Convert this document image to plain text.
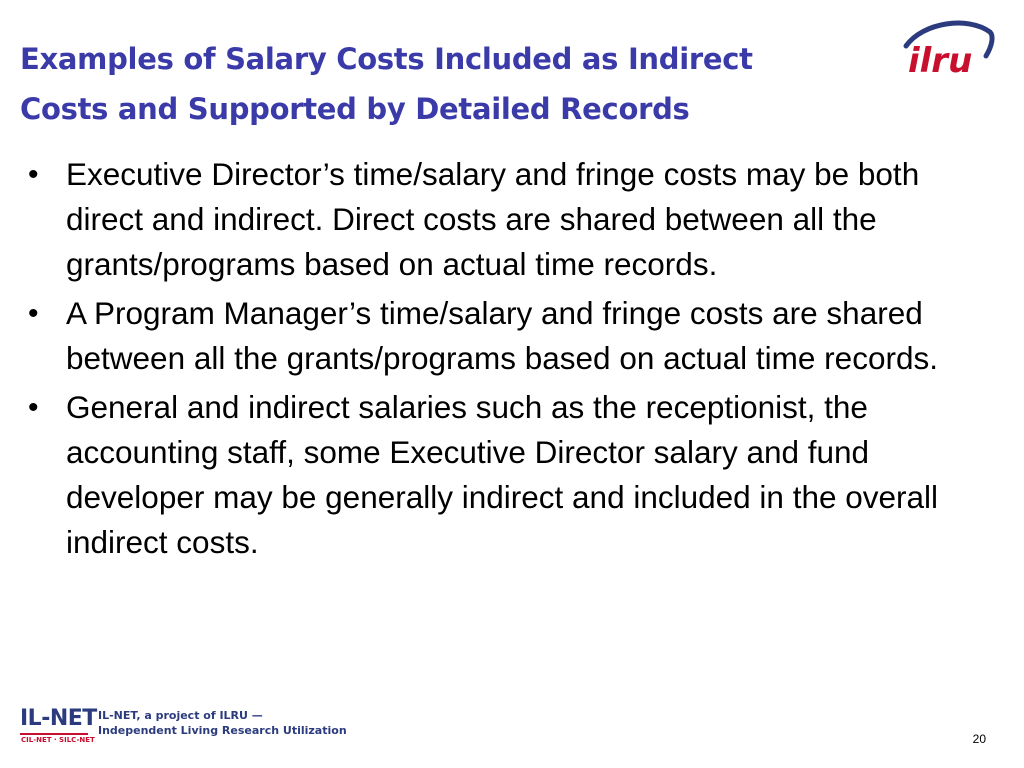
Examples of Salary Costs Included as Indirect
Costs and Supported by Detailed Records
ilru
• Executive Director’s time/salary and fringe costs may be both direct and indirect. Direct costs are shared between all the grants/programs based on actual time records.

• A Program Manager’s time/salary and fringe costs are shared between all the grants/programs based on actual time records.

• General and indirect salaries such as the receptionist, the accounting staff, some Executive Director salary and fund developer may be generally indirect and included in the overall indirect costs.

IL-NET
CIL-NET · SILC-NET
IL-NET, a project of ILRU —
Independent Living Research Utilization
20
